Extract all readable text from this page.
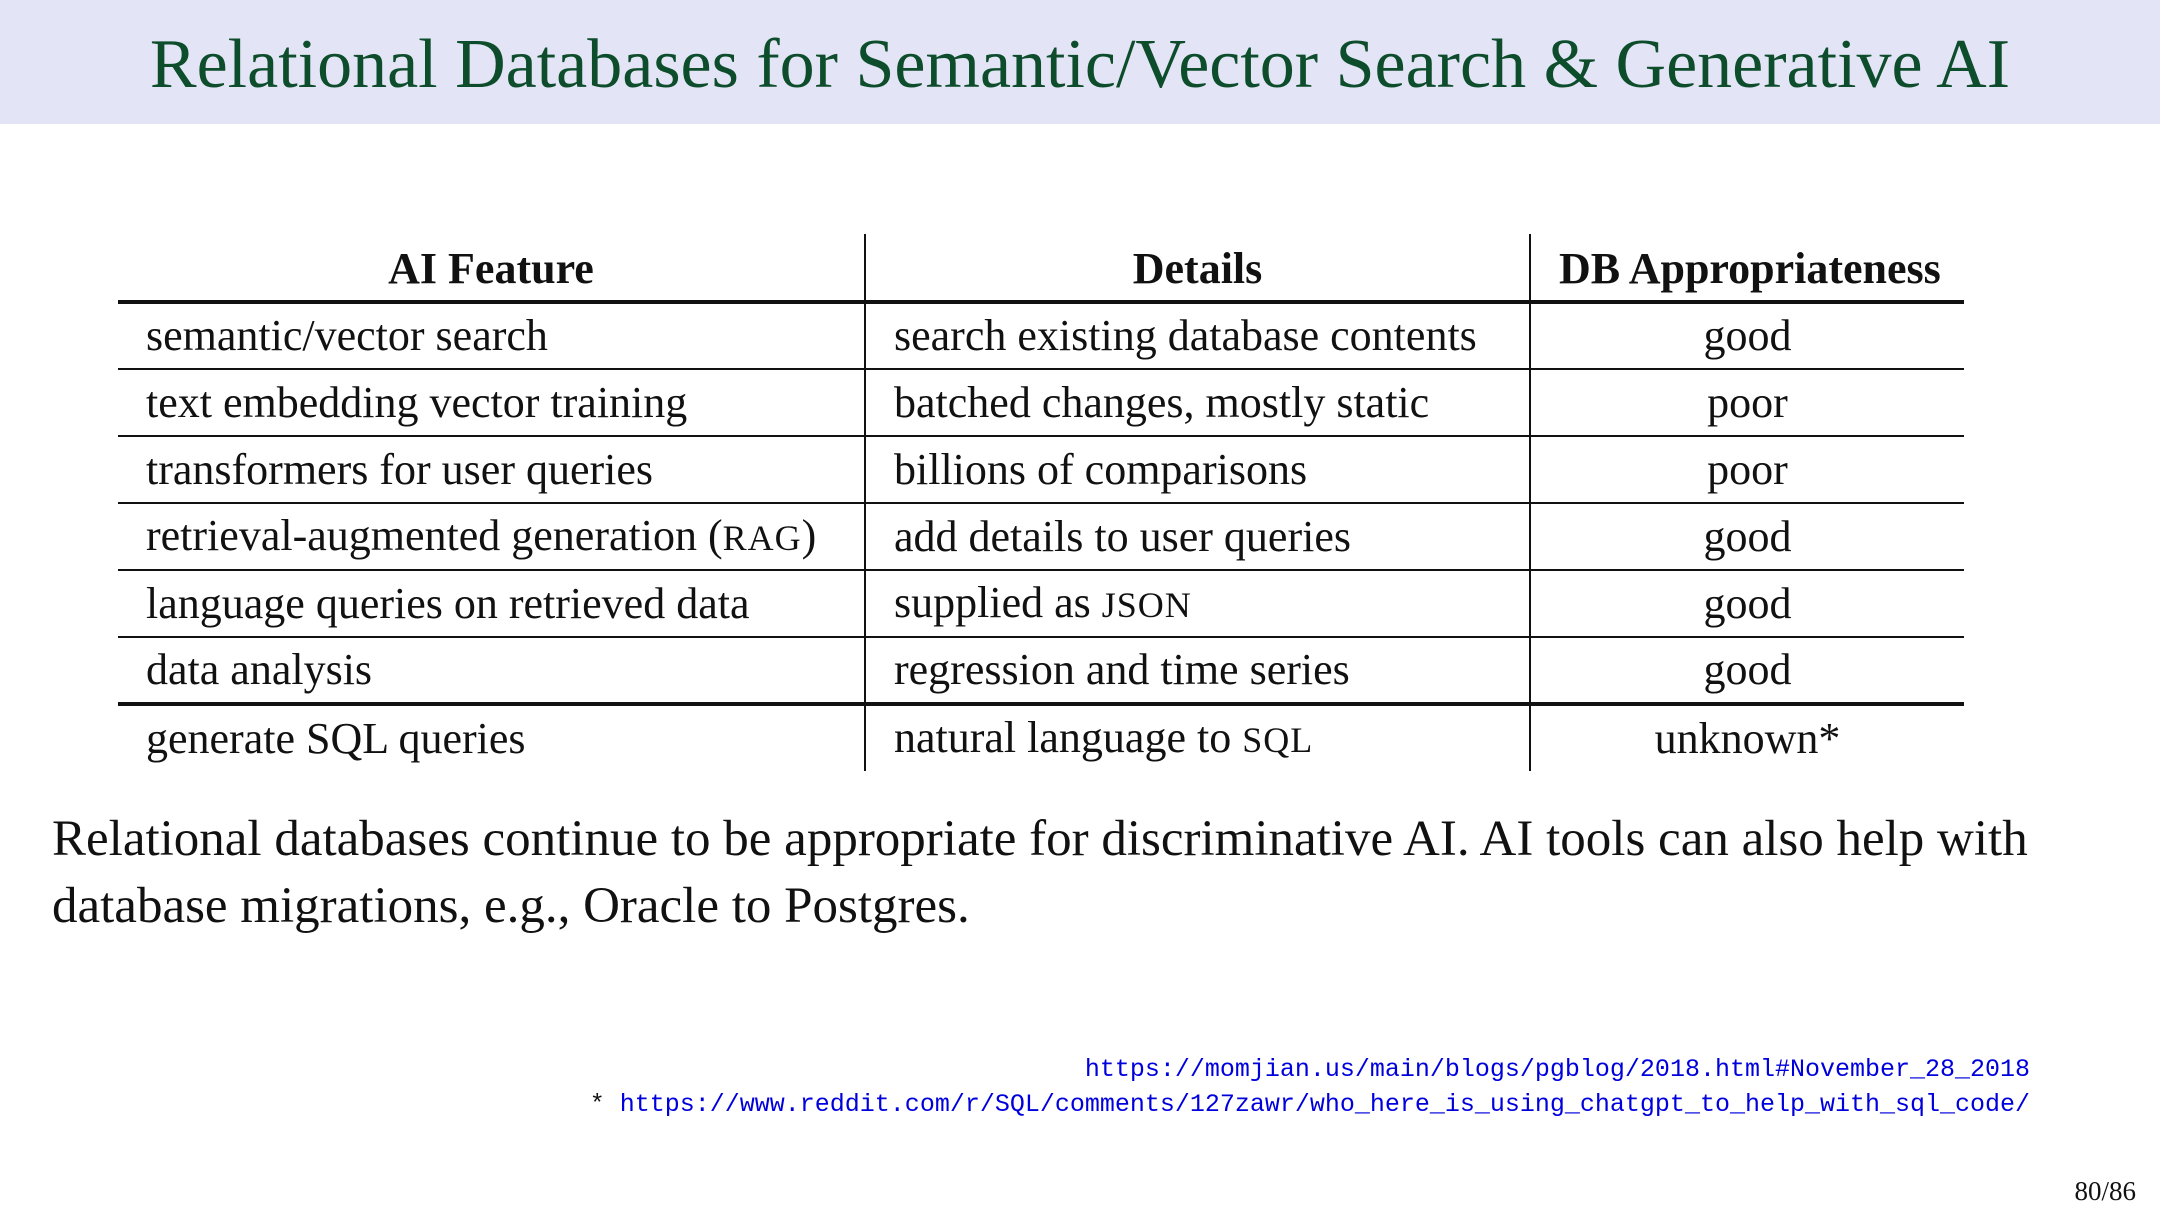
Relational Databases for Semantic/Vector Search & Generative AI
AI Feature	Details	DB Appropriateness
semantic/vector search	search existing database contents	good
text embedding vector training	batched changes, mostly static	poor
transformers for user queries	billions of comparisons	poor
retrieval-augmented generation (RAG)	add details to user queries	good
language queries on retrieved data	supplied as JSON	good
data analysis	regression and time series	good
generate SQL queries	natural language to SQL	unknown*
Relational databases continue to be appropriate for discriminative AI. AI tools can also help with database migrations, e.g., Oracle to Postgres.
https://momjian.us/main/blogs/pgblog/2018.html#November_28_2018
* https://www.reddit.com/r/SQL/comments/127zawr/who_here_is_using_chatgpt_to_help_with_sql_code/
80/86
